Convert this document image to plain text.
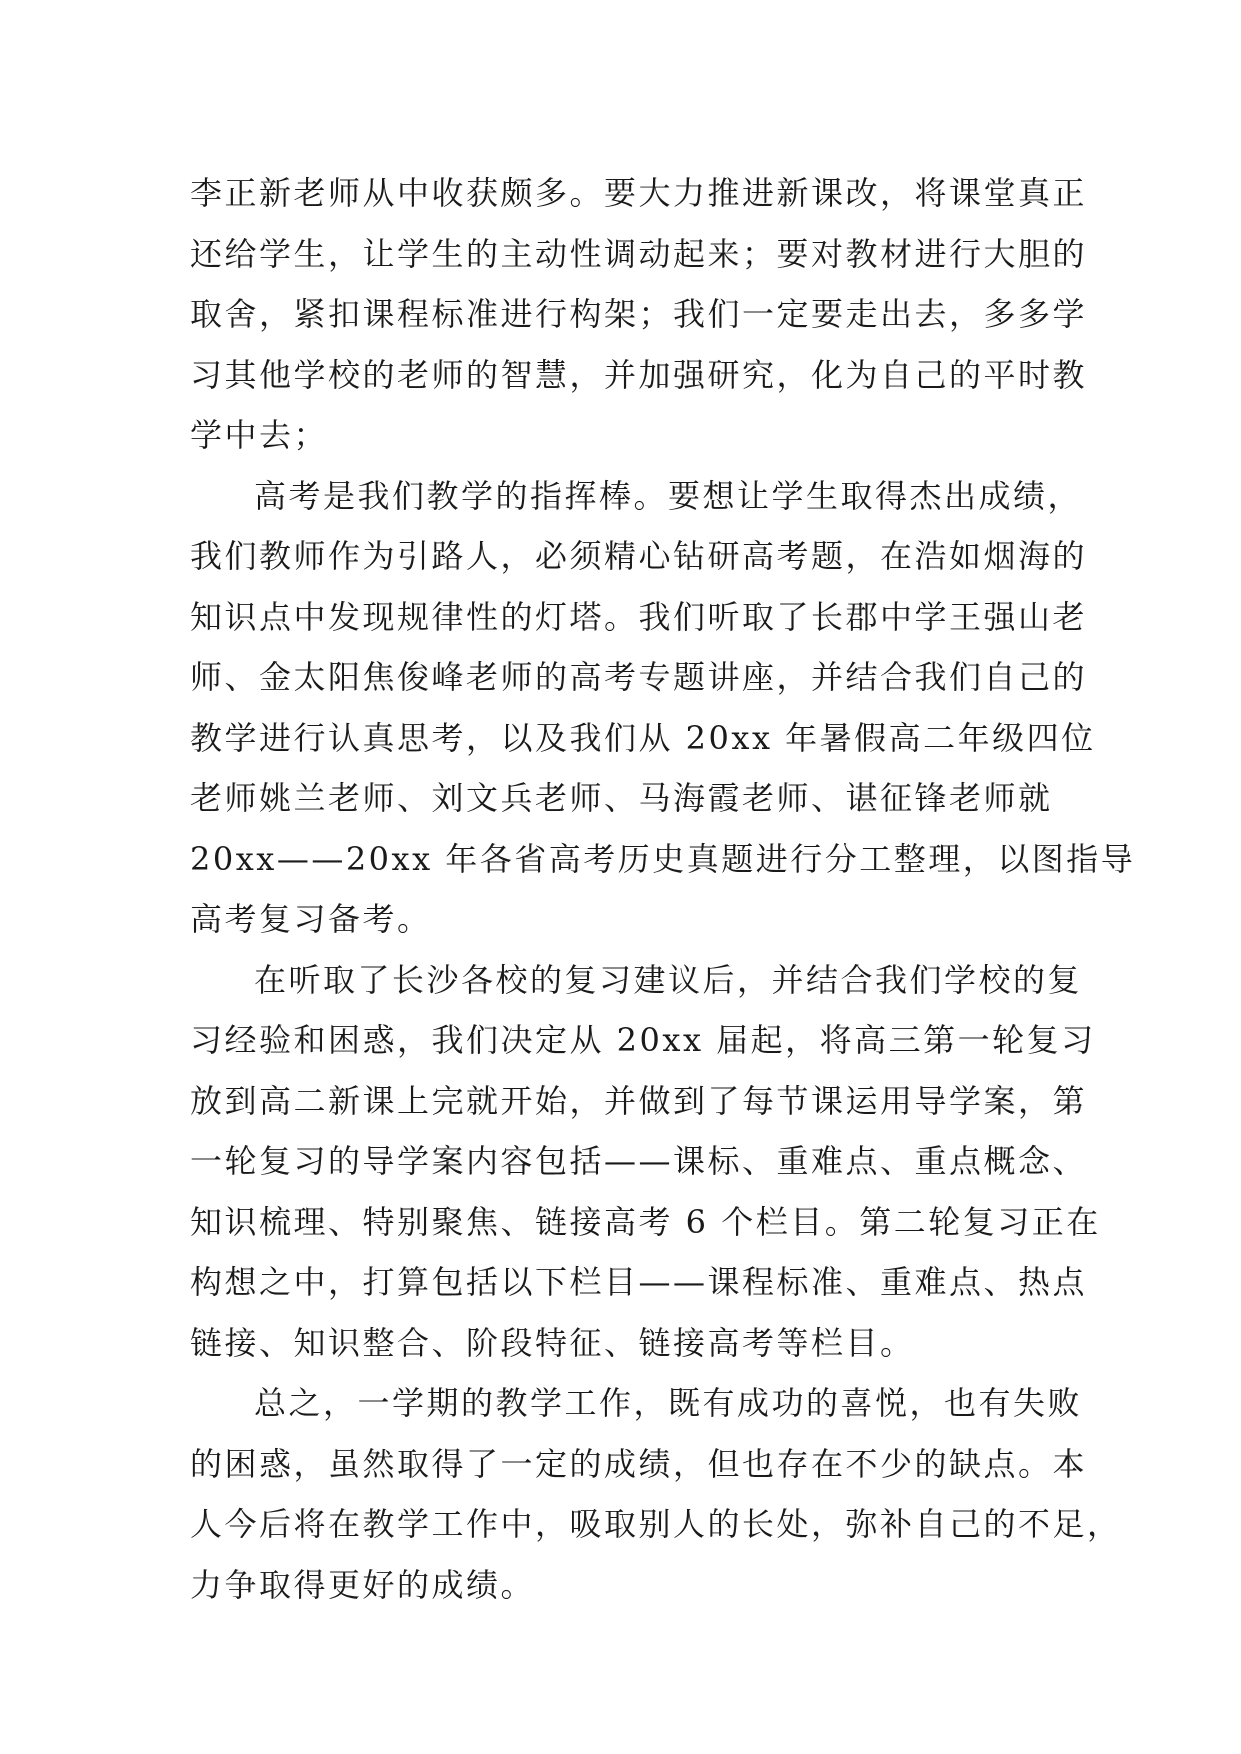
李正新老师从中收获颇多。要大力推进新课改，将课堂真正
还给学生，让学生的主动性调动起来；要对教材进行大胆的
取舍，紧扣课程标准进行构架；我们一定要走出去，多多学
习其他学校的老师的智慧，并加强研究，化为自己的平时教
学中去；
高考是我们教学的指挥棒。要想让学生取得杰出成绩，
我们教师作为引路人，必须精心钻研高考题，在浩如烟海的
知识点中发现规律性的灯塔。我们听取了长郡中学王强山老
师、金太阳焦俊峰老师的高考专题讲座，并结合我们自己的
教学进行认真思考，以及我们从 20xx 年暑假高二年级四位
老师姚兰老师、刘文兵老师、马海霞老师、谌征锋老师就
20xx——20xx 年各省高考历史真题进行分工整理，以图指导
高考复习备考。
在听取了长沙各校的复习建议后，并结合我们学校的复
习经验和困惑，我们决定从 20xx 届起，将高三第一轮复习
放到高二新课上完就开始，并做到了每节课运用导学案，第
一轮复习的导学案内容包括——课标、重难点、重点概念、
知识梳理、特别聚焦、链接高考 6 个栏目。第二轮复习正在
构想之中，打算包括以下栏目——课程标准、重难点、热点
链接、知识整合、阶段特征、链接高考等栏目。
总之，一学期的教学工作，既有成功的喜悦，也有失败
的困惑，虽然取得了一定的成绩，但也存在不少的缺点。本
人今后将在教学工作中，吸取别人的长处，弥补自己的不足，
力争取得更好的成绩。
